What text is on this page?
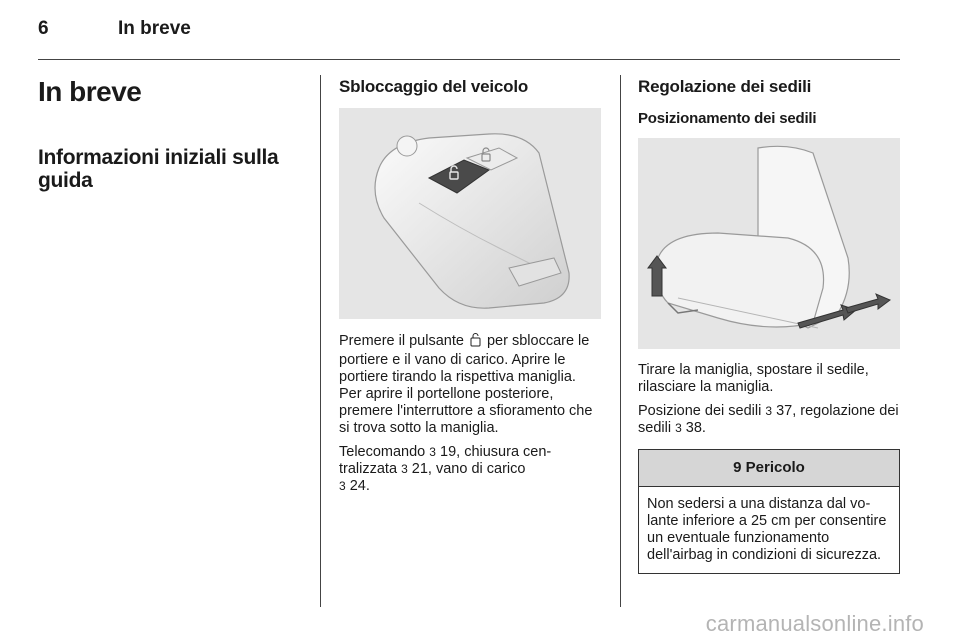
6	In breve
In breve
Informazioni iniziali sulla guida
Sbloccaggio del veicolo

Premere il pulsante per sbloccare le portiere e il vano di carico. Aprire le portiere tirando la rispettiva maniglia. Per aprire il portellone posteriore, premere l'interruttore a sfioramento che si trova sotto la maniglia.

Telecomando 3 19, chiusura centralizzata 3 21, vano di carico
3 24.

Regolazione dei sedili
Posizionamento dei sedili

Tirare la maniglia, spostare il sedile, rilasciare la maniglia.

Posizione dei sedili 3 37, regolazione dei sedili 3 38.

9 Pericolo
Non sedersi a una distanza dal volante inferiore a 25 cm per consentire un eventuale funzionamento dell'airbag in condizioni di sicurezza.
carmanualsonline.info
